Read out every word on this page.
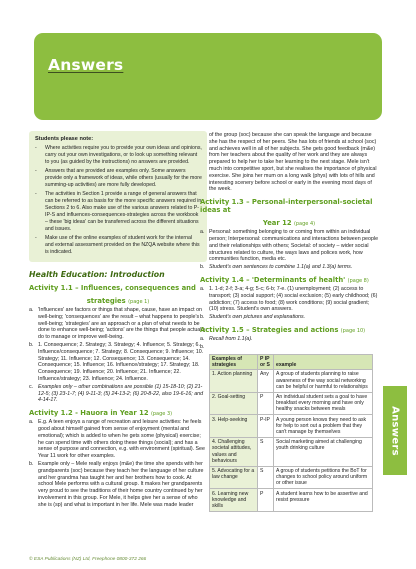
Answers
Students please note:
-	Where activities require you to provide your own ideas and opinions, carry out your own investigations, or to look up something relevant to you (as guided by the instructions) no answers are provided.
-	Answers that are provided are examples only. Some answers provide only a framework of ideas, while others (usually for the more summing-up activities) are more fully developed.
-	The activities in Section 1 provide a range of general answers that can be referred to as basis for the more specific answers required in Sections 2 to 6. Also make use of the various answers related to P-IP-S and influences-consequences-strategies across the workbook – these 'big ideas' can be transferred across the different situations and issues.
-	Make use of the online examples of student work for the internal and external assessment provided on the NZQA website where this is indicated.
Health Education: Introduction
Activity 1.1 – Influences, consequences and
strategies (page 1)
a. 'Influences' are factors or things that shape, cause, have an impact on well-being; 'consequences' are the result – what happens to people's well-being; 'strategies' are an approach or a plan of what needs to be done to enhance well-being; 'actions' are the things that people actually do to manage or improve well-being.
b. 1. Consequence; 2. Strategy; 3. Strategy; 4. Influence; 5. Strategy; 6. Influence/consequence; 7. Strategy; 8. Consequence; 9. Influence; 10. Strategy; 11. Influence; 12. Consequence; 13. Consequence; 14. Consequence; 15. Influence; 16. Influence/strategy; 17. Strategy; 18. Consequence; 19. Influence; 20. Influence; 21. Influence; 22. Influence/strategy; 23. Influence; 24. Influence.
c. Examples only – other combinations are possible (1) 15-18-10; (2) 21-12-5; (3) 23-1-7; (4) 9-11-3; (5) 24-13-2; (6) 20-8-22, also 19-6-16; and 4-14-17.
Activity 1.2 - Hauora in Year 12 (page 3)
a. E.g. A teen enjoys a range of recreation and leisure activities: he feels good about himself gained from sense of enjoyment (mental and emotional); which is added to when he gets some (physical) exercise; he can spend time with others doing these things (social); and has a sense of purpose and connection, e.g. with environment (spiritual). See Year 11 work for other examples.
b. Example only – Mele really enjoys (m&e) the time she spends with her grandparents (soc) because they teach her the language of her culture and her grandma has taught her and her brothers how to cook. At school Mele performs with a cultural group. It makes her grandparents very proud to see the traditions of their home country continued by her involvement in this group. For Mele, it helps give her a sense of who she is (sp) and what is important in her life. Mele was made leader
of the group (soc) because she can speak the language and because she has the respect of her peers. She has lots of friends at school (soc) and achieves well in all of her subjects. She gets good feedback (m&e) from her teachers about the quality of her work and they are always prepared to help her to take her learning to the next stage. Mele isn't much into competitive sport, but she realises the importance of physical exercise. She joins her mum on a long walk (phys) with lots of hills and interesting scenery before school or early in the evening most days of the week.
Activity 1.3 – Personal-interpersonal-societal ideas at
Year 12 (page 4)
a. Personal: something belonging to or coming from within an individual person; Interpersonal: communications and interactions between people and their relationships with others; Societal: of society – wider social structures related to culture, the ways laws and polices work, how communities function, media etc.
b. Student's own sentences to combine 1.1(a) and 1.3(a) terms.
Activity 1.4 – 'Determinants of health' (page 8)
a. 1. 1-d; 2-f; 3-a; 4-g; 5-c; 6-b; 7-e. (1) unemployment; (2) access to transport; (3) social support; (4) social exclusion; (5) early childhood; (6) addiction; (7) access to food; (8) work conditions; (9) social gradient; (10) stress. Student's own answers.
b. Student's own pictures and explanations.
Activity 1.5 – Strategies and actions (page 10)
a. Recall from 1.1(a).
b.
Examples of strategies	P IP or S	example
1. Action planning	Any	A group of students planning to raise awareness of the way social networking can be helpful or harmful to relationships
2. Goal-setting	P	An individual student sets a goal to have breakfast every morning and have only healthy snacks between meals
3. Help-seeking	P-IP	A young person knows they need to ask for help to sort out a problem that they can't manage by themselves
4. Challenging societal attitudes, values and behaviours	S	Social marketing aimed at challenging youth drinking culture
5. Advocating for a law change	S	A group of students petitions the BoT for changes to school policy around uniform or other issue
6. Learning new knowledge and skills	P	A student learns how to be assertive and resist pressure
Answers
© ESA Publications (NZ) Ltd, Freephone 0800-372 266
